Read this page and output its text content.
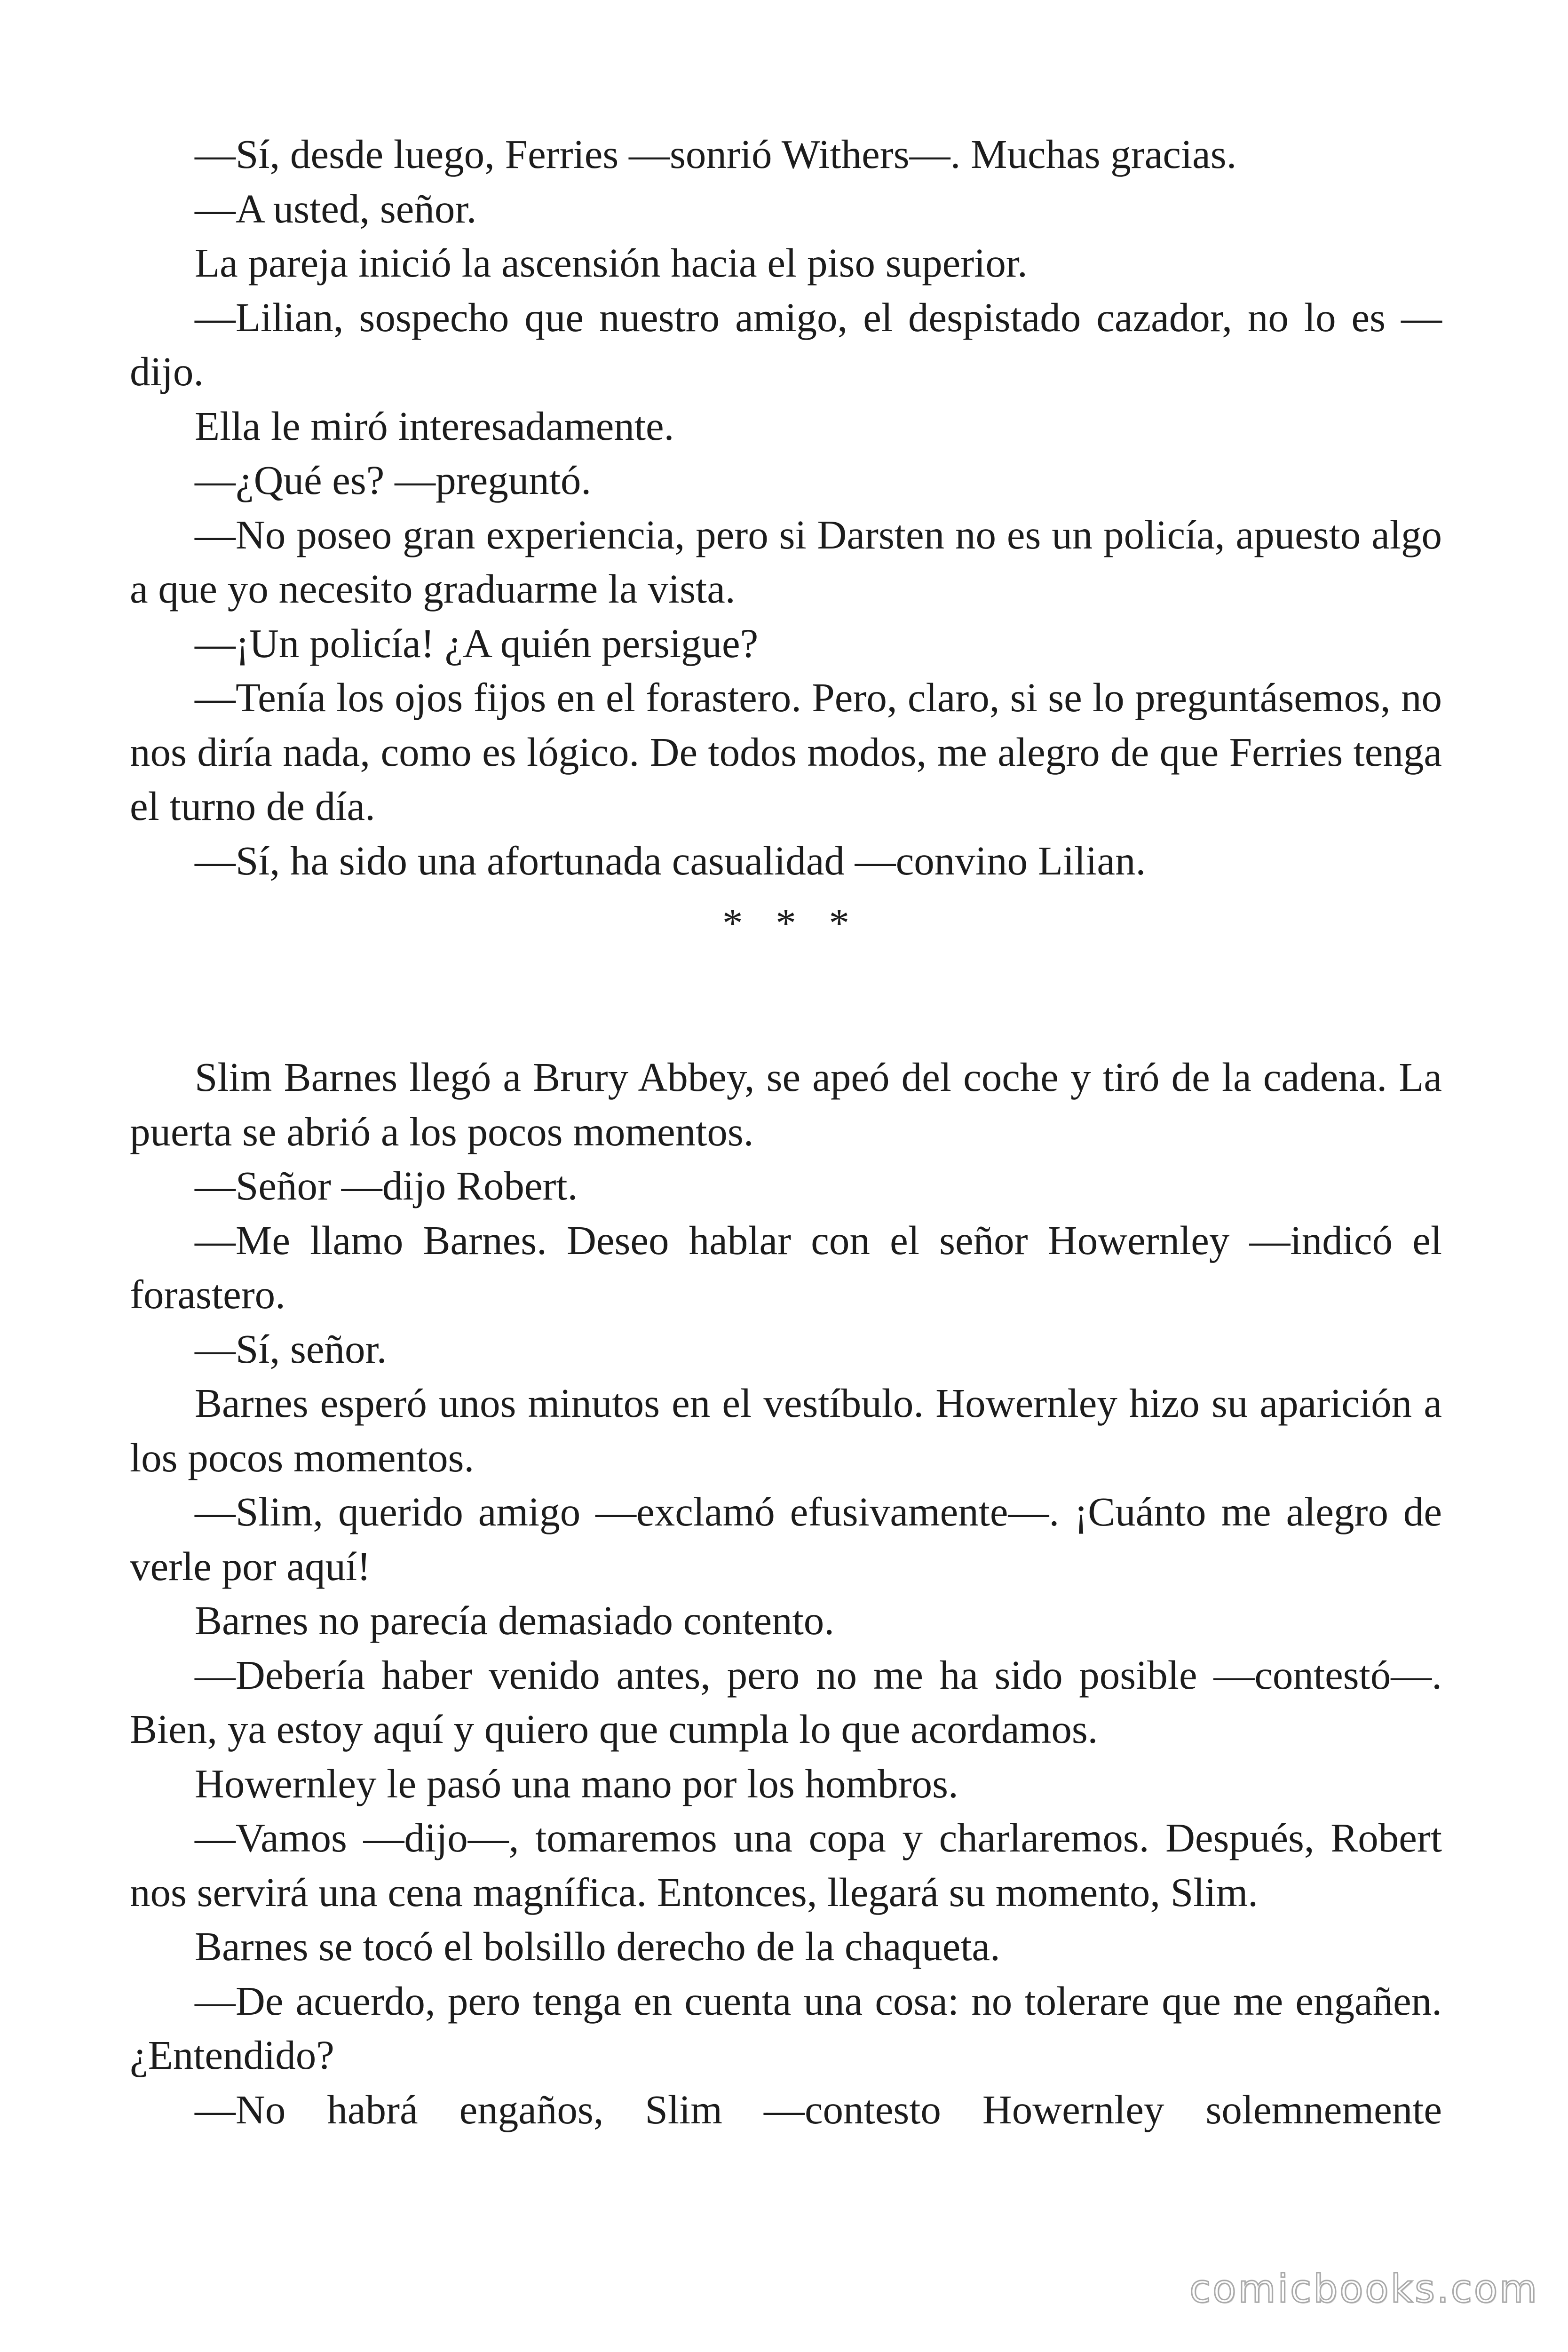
—Sí, desde luego, Ferries —sonrió Withers—. Muchas gracias.

—A usted, señor.

La pareja inició la ascensión hacia el piso superior.

—Lilian, sospecho que nuestro amigo, el despistado cazador, no lo es —dijo.

Ella le miró interesadamente.

—¿Qué es? —preguntó.

—No poseo gran experiencia, pero si Darsten no es un policía, apuesto algo a que yo necesito graduarme la vista.

—¡Un policía! ¿A quién persigue?

—Tenía los ojos fijos en el forastero. Pero, claro, si se lo preguntásemos, no nos diría nada, como es lógico. De todos modos, me alegro de que Ferries tenga el turno de día.

—Sí, ha sido una afortunada casualidad —convino Lilian.

* * *

Slim Barnes llegó a Brury Abbey, se apeó del coche y tiró de la cadena. La puerta se abrió a los pocos momentos.

—Señor —dijo Robert.

—Me llamo Barnes. Deseo hablar con el señor Howernley —indicó el forastero.

—Sí, señor.

Barnes esperó unos minutos en el vestíbulo. Howernley hizo su aparición a los pocos momentos.

—Slim, querido amigo —exclamó efusivamente—. ¡Cuánto me alegro de verle por aquí!

Barnes no parecía demasiado contento.

—Debería haber venido antes, pero no me ha sido posible —contestó—. Bien, ya estoy aquí y quiero que cumpla lo que acordamos.

Howernley le pasó una mano por los hombros.

—Vamos —dijo—, tomaremos una copa y charlaremos. Después, Robert nos servirá una cena magnífica. Entonces, llegará su momento, Slim.

Barnes se tocó el bolsillo derecho de la chaqueta.

—De acuerdo, pero tenga en cuenta una cosa: no tolerare que me engañen. ¿Entendido?

—No habrá engaños, Slim —contesto Howernley solemnemente

comicbooks.com
